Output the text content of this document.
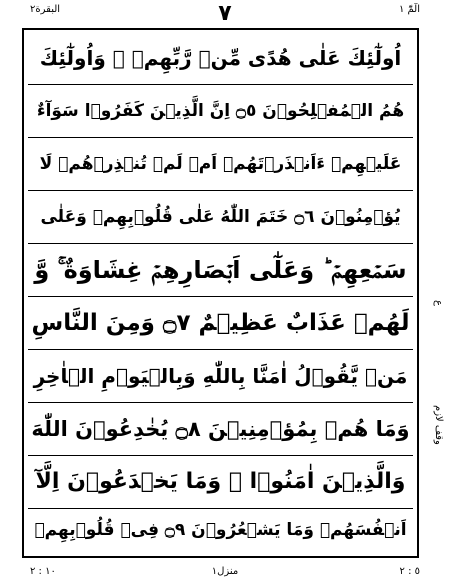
الٓمّٓ ١
البقرة٢	٧
اُولٰٓئِكَ عَلٰى هُدًى مِّنۡ رَّبِّهِمۡ ۚ وَاُولٰٓئِكَ
هُمُ الۡمُفۡلِحُوۡنَ ۝٥ اِنَّ الَّذِيۡنَ كَفَرُوۡا سَوَآءٌ
عَلَيۡهِمۡ ءَاَنۡذَرۡتَهُمۡ اَمۡ لَمۡ تُنۡذِرۡهُمۡ لَا
يُؤۡمِنُوۡنَ ۝٦ خَتَمَ اللّٰهُ عَلٰى قُلُوۡبِهِمۡ وَعَلٰى
سَمۡعِهِمۡ ؕ وَعَلٰٓى اَبۡصَارِهِمۡ غِشَاوَةٌ ۚ وَّ
لَهُمۡ عَذَابٌ عَظِيۡمٌ ۝٧ وَمِنَ النَّاسِ
مَنۡ يَّقُوۡلُ اٰمَنَّا بِاللّٰهِ وَبِالۡيَوۡمِ الۡاٰخِرِ
وَمَا هُمۡ بِمُؤۡمِنِيۡنَ ۝٨ يُخٰدِعُوۡنَ اللّٰهَ
وَالَّذِيۡنَ اٰمَنُوۡا ۚ وَمَا يَخۡدَعُوۡنَ اِلَّآ
اَنۡفُسَهُمۡ وَمَا يَشۡعُرُوۡنَ ۝٩ فِىۡ قُلُوۡبِهِمۡ
ع
وقف لازم
١٠ : ٢	منزل١	٥ : ٢
